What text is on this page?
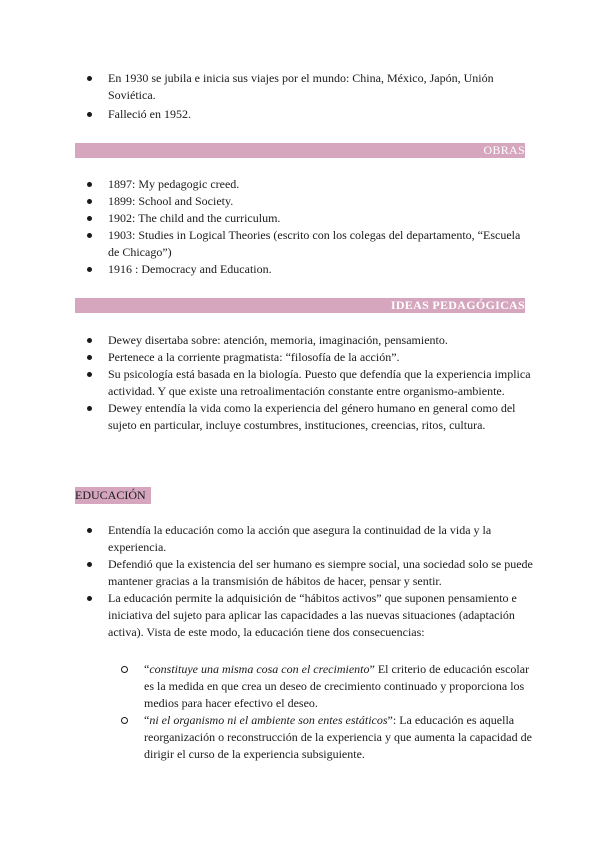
En 1930 se jubila e inicia sus viajes por el mundo: China, México, Japón, Unión Soviética.
Falleció en 1952.
OBRAS
1897: My pedagogic creed.
1899: School and Society.
1902: The child and the curriculum.
1903: Studies in Logical Theories (escrito con los colegas del departamento, “Escuela de Chicago”)
1916 : Democracy and Education.
IDEAS PEDAGÓGICAS
Dewey disertaba sobre: atención, memoria, imaginación, pensamiento.
Pertenece a la corriente pragmatista: “filosofía de la acción”.
Su psicología está basada en la biología. Puesto que defendía que la experiencia implica actividad. Y que existe una retroalimentación constante entre organismo-ambiente.
Dewey entendía la vida como la experiencia del género humano en general como del sujeto en particular, incluye costumbres, instituciones, creencias, ritos, cultura.
EDUCACIÓN
Entendía la educación como la acción que asegura la continuidad de la vida y la experiencia.
Defendió que la existencia del ser humano es siempre social, una sociedad solo se puede mantener gracias a la transmisión de hábitos de hacer, pensar y sentir.
La educación permite la adquisición de “hábitos activos” que suponen pensamiento e iniciativa del sujeto para aplicar las capacidades a las nuevas situaciones (adaptación activa). Vista de este modo, la educación tiene dos consecuencias:
“constituye una misma cosa con el crecimiento” El criterio de educación escolar es la medida en que crea un deseo de crecimiento continuado y proporciona los medios para hacer efectivo el deseo.
“ni el organismo ni el ambiente son entes estáticos”: La educación es aquella reorganización o reconstrucción de la experiencia y que aumenta la capacidad de dirigir el curso de la experiencia subsiguiente.
